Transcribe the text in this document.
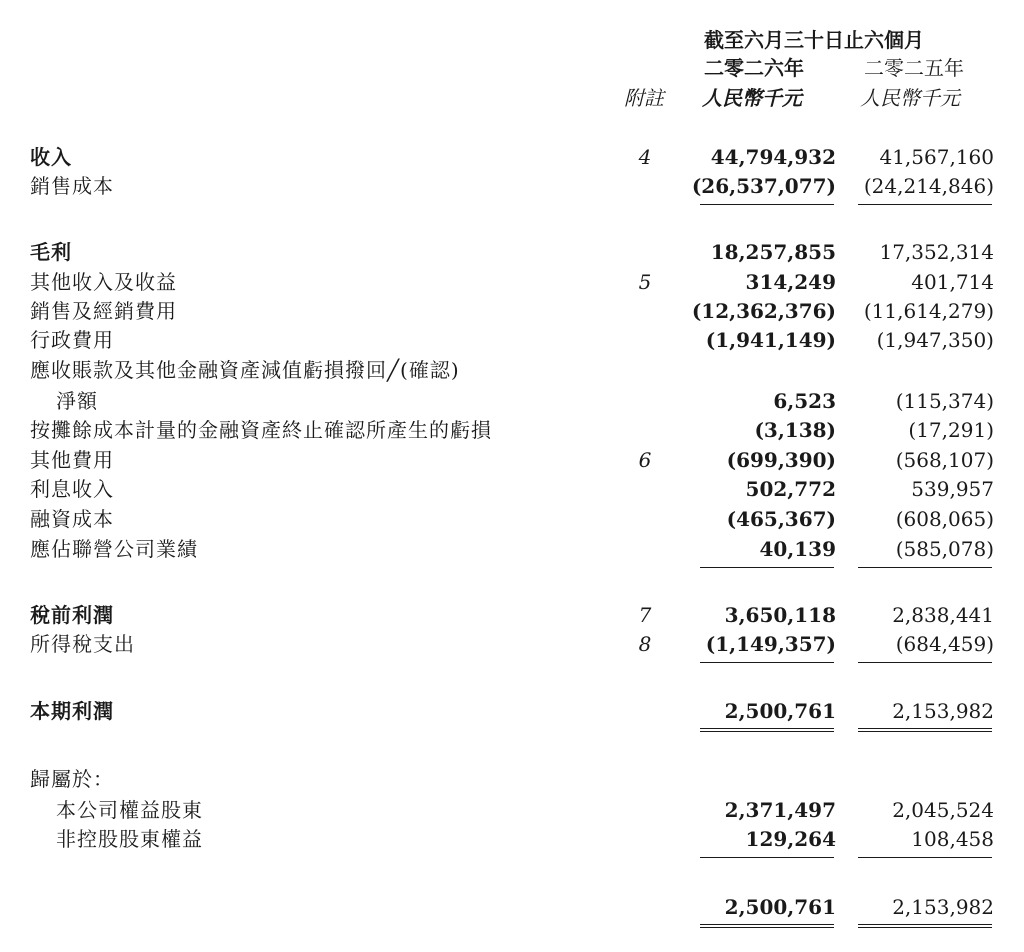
截至六月三十日止六個月
二零二六年	二零二五年
附註 人民幣千元	人民幣千元
收入	4	44,794,932 41,567,160
銷售成本	(26,537,077) (24,214,846)
毛利	18,257,855 17,352,314
其他收入及收益	5	314,249	401,714
銷售及經銷費用	(12,362,376) (11,614,279)
行政費用	(1,941,149) (1,947,350)
應收賬款及其他金融資產減值虧損撥回╱(確認)
淨額	6,523	(115,374)
按攤餘成本計量的金融資產終止確認所產生的虧損	(3,138)	(17,291)
其他費用	6	(699,390)	(568,107)
利息收入	502,772	539,957
融資成本	(465,367)	(608,065)
應佔聯營公司業績	40,139	(585,078)
稅前利潤	7	3,650,118	2,838,441
所得稅支出	8	(1,149,357)	(684,459)
本期利潤	2,500,761	2,153,982
歸屬於：
本公司權益股東	2,371,497	2,045,524
非控股股東權益	129,264	108,458
2,500,761	2,153,982
